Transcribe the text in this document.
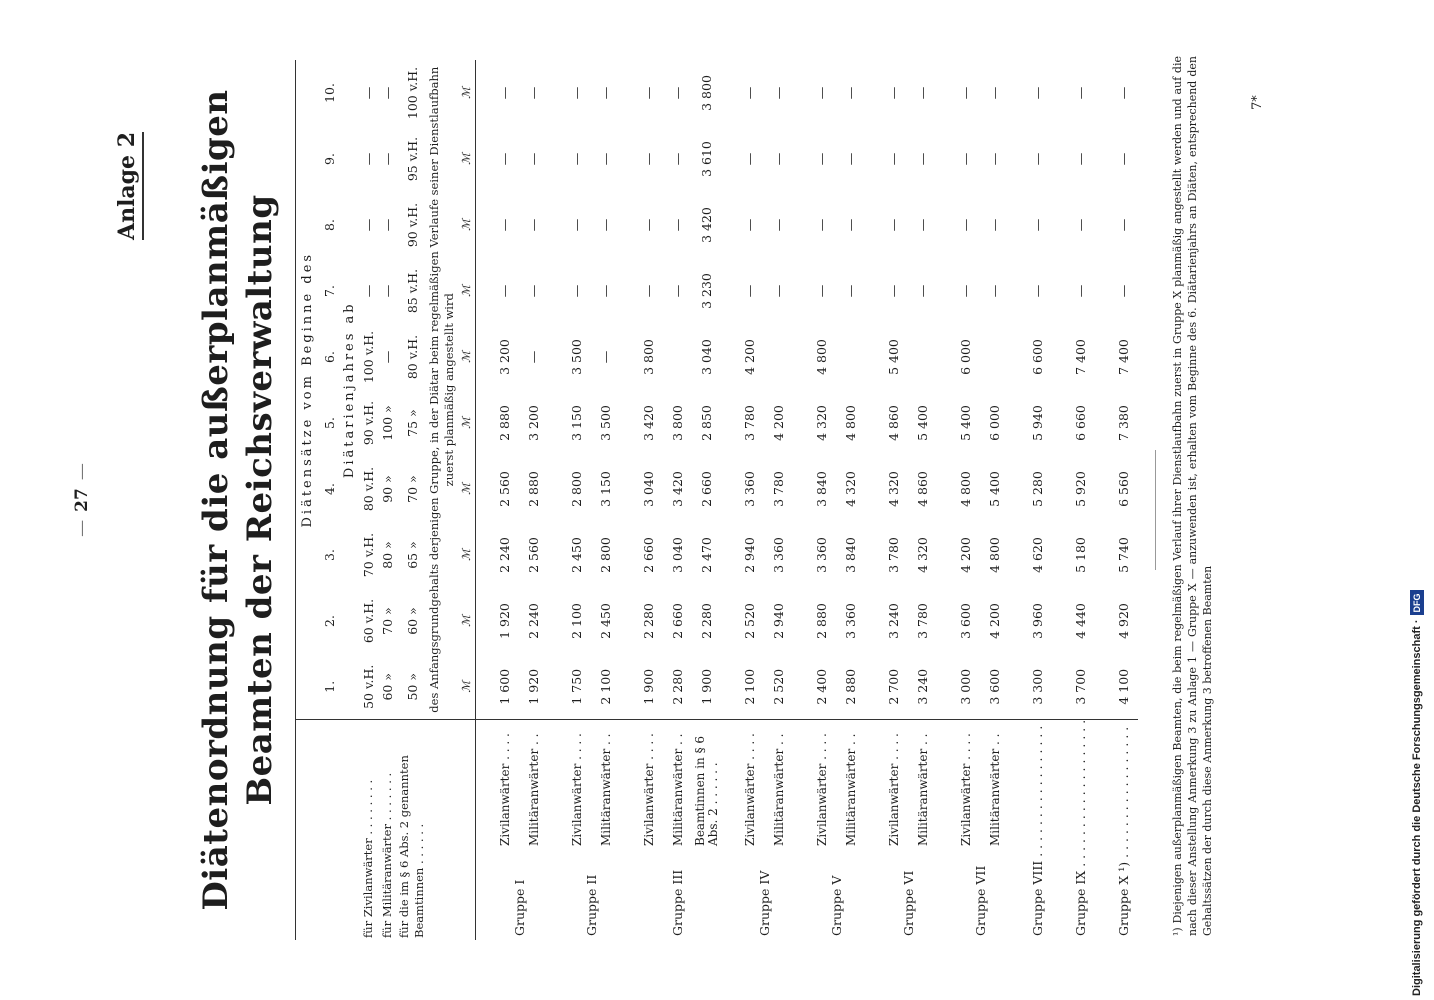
— 27 —
Anlage 2 Diätenordnung für die außerplanmäßigen Beamten der Reichsverwaltung
		Diätensätze vom Beginne des									
		1.	2.	3.	4.	5.	6.	7.	8.	9.	10.
		Diätarienjahres ab									
für Zivilanwärter . . . . . . . .		50 v.H.	60 v.H.	70 v.H.	80 v.H.	90 v.H.	100 v.H.	—	—	—	—
für Militäranwärter . . . . . . .		60 »	70 »	80 »	90 »	100 »	—	—	—	—	—
für die im § 6 Abs. 2 genannten Beamtinnen . . . . . .		50 »	60 »	65 »	70 »	75 »	80 v.H.	85 v.H.	90 v.H.	95 v.H.	100 v.H.
		des Anfangsgrundgehalts derjenigen Gruppe, in der Diätar beim regelmäßigen Verlaufe seiner Dienstlaufbahn zuerst planmäßig angestellt wird									
		ℳ	ℳ	ℳ	ℳ	ℳ	ℳ	ℳ	ℳ	ℳ	ℳ

Gruppe I	Zivilanwärter . . . .	1 600	1 920	2 240	2 560	2 880	3 200	—	—	—	—
	Militäranwärter . .	1 920	2 240	2 560	2 880	3 200	—	—	—	—	—

Gruppe II	Zivilanwärter . . . .	1 750	2 100	2 450	2 800	3 150	3 500	—	—	—	—
	Militäranwärter . .	2 100	2 450	2 800	3 150	3 500	—	—	—	—	—

Gruppe III	Zivilanwärter . . . .	1 900	2 280	2 660	3 040	3 420	3 800	—	—	—	—
	Militäranwärter . .	2 280	2 660	3 040	3 420	3 800		—	—	—	—
	Beamtinnen in § 6 Abs. 2 . . . . . .	1 900	2 280	2 470	2 660	2 850	3 040	3 230	3 420	3 610	3 800

Gruppe IV	Zivilanwärter . . . .	2 100	2 520	2 940	3 360	3 780	4 200	—	—	—	—
	Militäranwärter . .	2 520	2 940	3 360	3 780	4 200		—	—	—	—

Gruppe V	Zivilanwärter . . . .	2 400	2 880	3 360	3 840	4 320	4 800	—	—	—	—
	Militäranwärter . .	2 880	3 360	3 840	4 320	4 800		—	—	—	—

Gruppe VI	Zivilanwärter . . . .	2 700	3 240	3 780	4 320	4 860	5 400	—	—	—	—
	Militäranwärter . .	3 240	3 780	4 320	4 860	5 400		—	—	—	—

Gruppe VII	Zivilanwärter . . . .	3 000	3 600	4 200	4 800	5 400	6 000	—	—	—	—
	Militäranwärter . .	3 600	4 200	4 800	5 400	6 000		—	—	—	—

Gruppe VIII . . . . . . . . . . . . . . . . .		3 300	3 960	4 620	5 280	5 940	6 600	—	—	—	—

Gruppe IX . . . . . . . . . . . . . . . . . . .		3 700	4 440	5 180	5 920	6 660	7 400	—	—	—	—

Gruppe X ¹) . . . . . . . . . . . . . . . . .		4 100	4 920	5 740	6 560	7 380	7 400	—	—	—	—	¹) Diejenigen außerplanmäßigen Beamten, die beim regelmäßigen Verlauf ihrer Dienstlaufbahn zuerst in Gruppe X planmäßig angestellt werden und auf die nach dieser Anstellung Anmerkung 3 zu Anlage 1 — Gruppe X — anzuwenden ist, erhalten vom Beginne des 6. Diätarienjahrs an Diäten, entsprechend den Gehaltssätzen der durch diese Anmerkung 3 betroffenen Beamten
7*
Digitalisierung gefördert durch die Deutsche Forschungsgemeinschaft ·DFG
